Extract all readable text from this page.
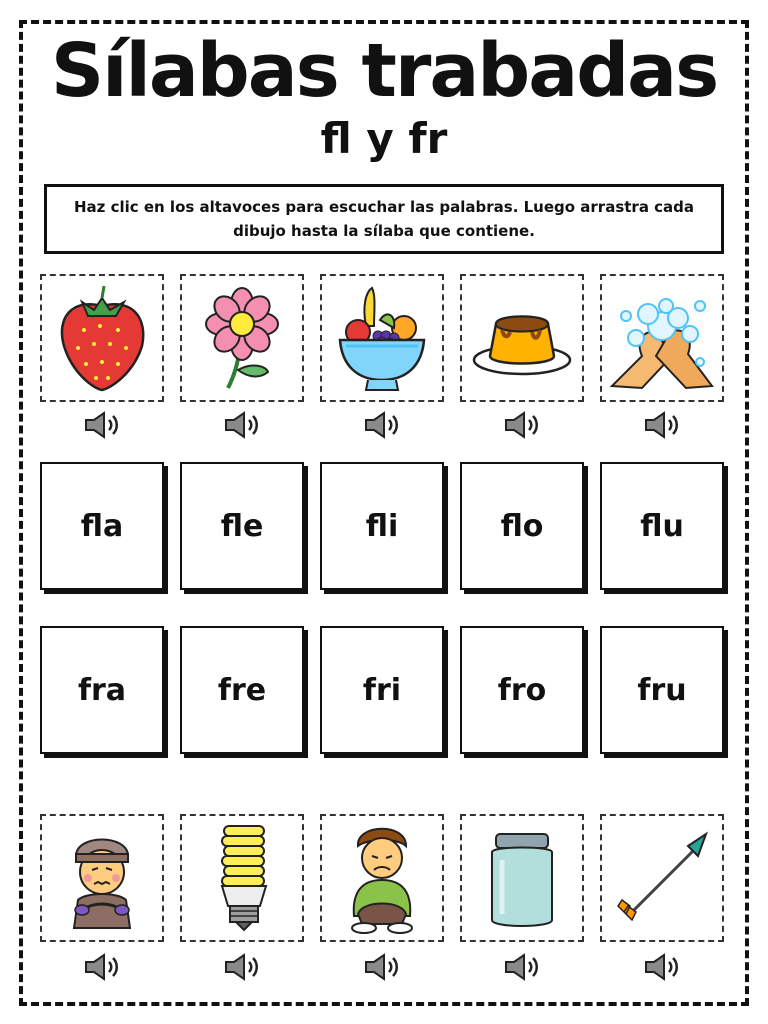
Sílabas trabadas
fl y fr
Haz clic en los altavoces para escuchar las palabras. Luego arrastra cada dibujo hasta la sílaba que contiene.
fla	fle	fli	flo	flu
fra	fre	fri	fro	fru
